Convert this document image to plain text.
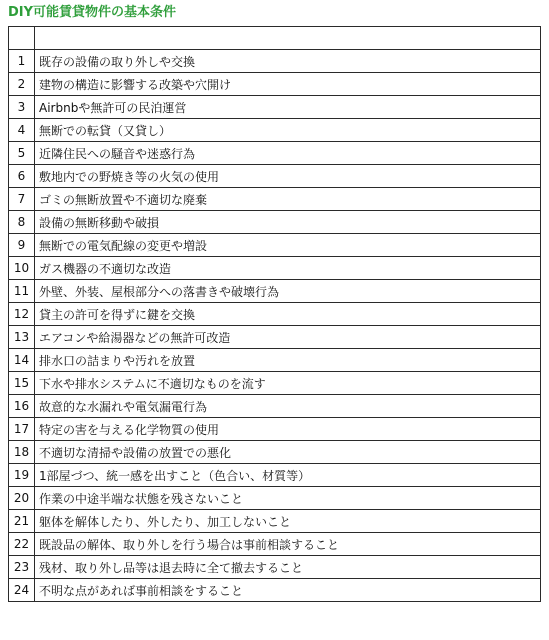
DIY可能賃貸物件の基本条件

1	既存の設備の取り外しや交換
2	建物の構造に影響する改築や穴開け
3	Airbnbや無許可の民泊運営
4	無断での転貸（又貸し）
5	近隣住民への騒音や迷惑行為
6	敷地内での野焼き等の火気の使用
7	ゴミの無断放置や不適切な廃棄
8	設備の無断移動や破損
9	無断での電気配線の変更や増設
10	ガス機器の不適切な改造
11	外壁、外装、屋根部分への落書きや破壊行為
12	貸主の許可を得ずに鍵を交換
13	エアコンや給湯器などの無許可改造
14	排水口の詰まりや汚れを放置
15	下水や排水システムに不適切なものを流す
16	故意的な水漏れや電気漏電行為
17	特定の害を与える化学物質の使用
18	不適切な清掃や設備の放置での悪化
19	1部屋づつ、統一感を出すこと（色合い、材質等）
20	作業の中途半端な状態を残さないこと
21	躯体を解体したり、外したり、加工しないこと
22	既設品の解体、取り外しを行う場合は事前相談すること
23	残材、取り外し品等は退去時に全て撤去すること
24	不明な点があれば事前相談をすること
